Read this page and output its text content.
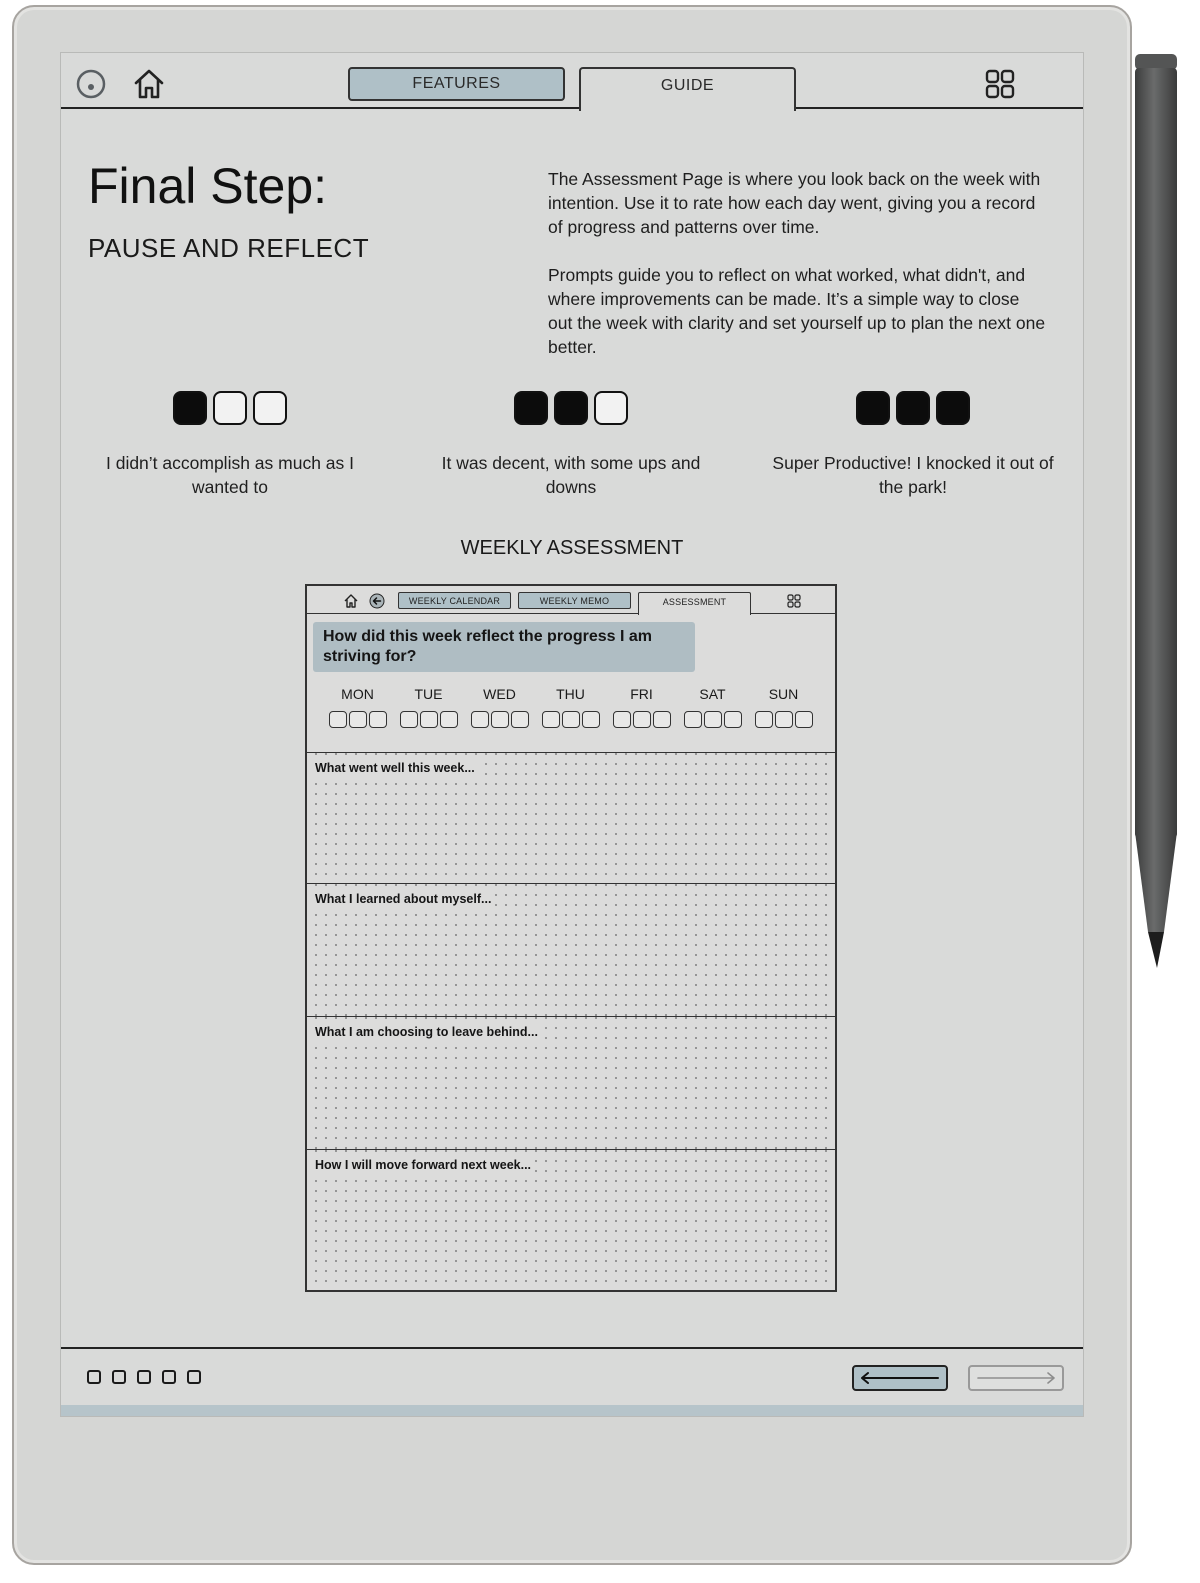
FEATURES	GUIDE
Final Step:
PAUSE AND REFLECT

The Assessment Page is where you look back on the week with intention. Use it to rate how each day went, giving you a record of progress and patterns over time.

Prompts guide you to reflect on what worked, what didn't, and where improvements can be made. It’s a simple way to close out the week with clarity and set yourself up to plan the next one better.

I didn’t accomplish as much as I wanted to
It was decent, with some ups and downs
Super Productive! I knocked it out of the park!
WEEKLY ASSESSMENT
WEEKLY CALENDAR	WEEKLY MEMO	ASSESSMENT
How did this week reflect the progress I am striving for?
MON	TUE	WED	THU	FRI	SAT	SUN
What went well this week...
What I learned about myself...
What I am choosing to leave behind...
How I will move forward next week...
